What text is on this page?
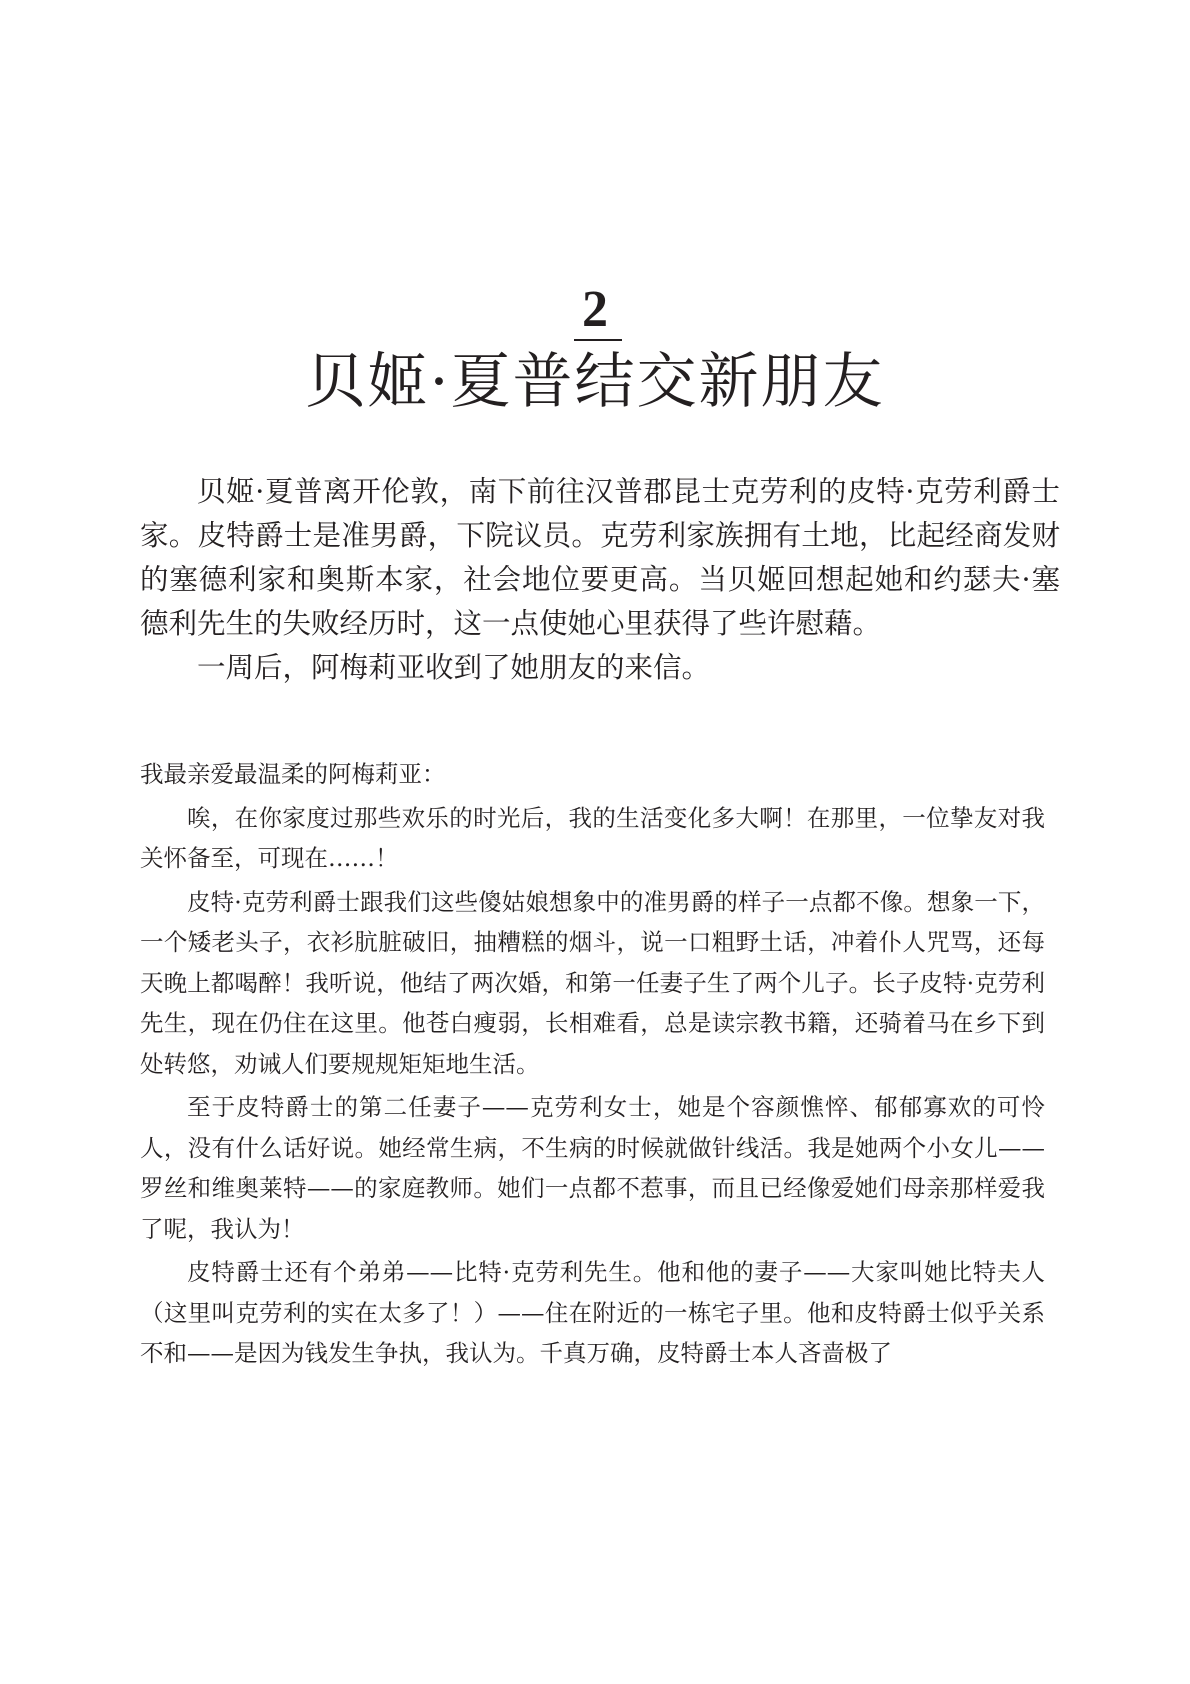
2
贝姬·夏普结交新朋友

贝姬·夏普离开伦敦，南下前往汉普郡昆士克劳利的皮特·克劳利爵士家。皮特爵士是准男爵，下院议员。克劳利家族拥有土地，比起经商发财的塞德利家和奥斯本家，社会地位要更高。当贝姬回想起她和约瑟夫·塞德利先生的失败经历时，这一点使她心里获得了些许慰藉。

一周后，阿梅莉亚收到了她朋友的来信。

我最亲爱最温柔的阿梅莉亚：

唉，在你家度过那些欢乐的时光后，我的生活变化多大啊！在那里，一位挚友对我关怀备至，可现在……！

皮特·克劳利爵士跟我们这些傻姑娘想象中的准男爵的样子一点都不像。想象一下，一个矮老头子，衣衫肮脏破旧，抽糟糕的烟斗，说一口粗野土话，冲着仆人咒骂，还每天晚上都喝醉！我听说，他结了两次婚，和第一任妻子生了两个儿子。长子皮特·克劳利先生，现在仍住在这里。他苍白瘦弱，长相难看，总是读宗教书籍，还骑着马在乡下到处转悠，劝诫人们要规规矩矩地生活。

至于皮特爵士的第二任妻子——克劳利女士，她是个容颜憔悴、郁郁寡欢的可怜人，没有什么话好说。她经常生病，不生病的时候就做针线活。我是她两个小女儿——罗丝和维奥莱特——的家庭教师。她们一点都不惹事，而且已经像爱她们母亲那样爱我了呢，我认为！

皮特爵士还有个弟弟——比特·克劳利先生。他和他的妻子——大家叫她比特夫人（这里叫克劳利的实在太多了！）——住在附近的一栋宅子里。他和皮特爵士似乎关系不和——是因为钱发生争执，我认为。千真万确，皮特爵士本人吝啬极了
